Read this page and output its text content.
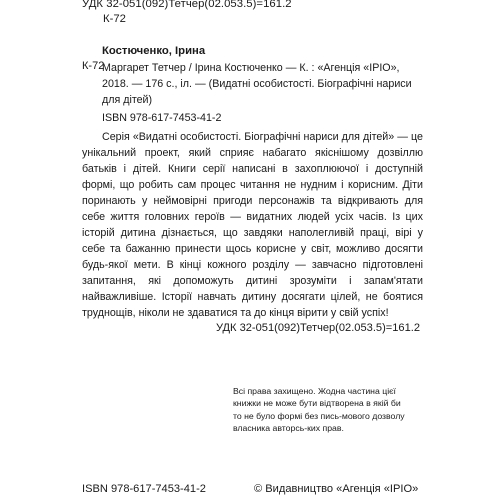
УДК 32-051(092)Тетчер(02.053.5)=161.2
К-72
Костюченко, Ірина
К-72
Маргарет Тетчер / Ірина Костюченко — К. : «Агенція «IPIO», 2018. — 176 с., іл. — (Видатні особистості. Біографічні нариси для дітей)
ISBN 978-617-7453-41-2

Серія «Видатні особистості. Біографічні нариси для дітей» — це унікальний проект, який сприяє набагато якіснішому дозвіллю батьків і дітей. Книги серії написані в захоплюючої і доступній формі, що робить сам процес читання не нудним і корисним. Діти поринають у неймовірні пригоди персонажів та відкривають для себе життя головних героїв — видатних людей усіх часів. Із цих історій дитина дізнається, що завдяки наполегливій праці, вірі у себе та бажанню принести щось корисне у світ, можливо досягти будь-якої мети. В кінці кожного розділу — завчасно підготовлені запитання, які допоможуть дитині зрозуміти і запам'ятати найважливіше. Історії навчать дитину досягати цілей, не боятися труднощів, ніколи не здаватися та до кінця вірити у свій успіх!

УДК 32-051(092)Тетчер(02.053.5)=161.2

Всі права захищено. Жодна частина цієї книжки не може бути відтворена в якій би то не було формі без пись-мового дозволу власника авторсь-ких прав.

ISBN 978-617-7453-41-2	© Видавництво «Агенція «IPIO»
